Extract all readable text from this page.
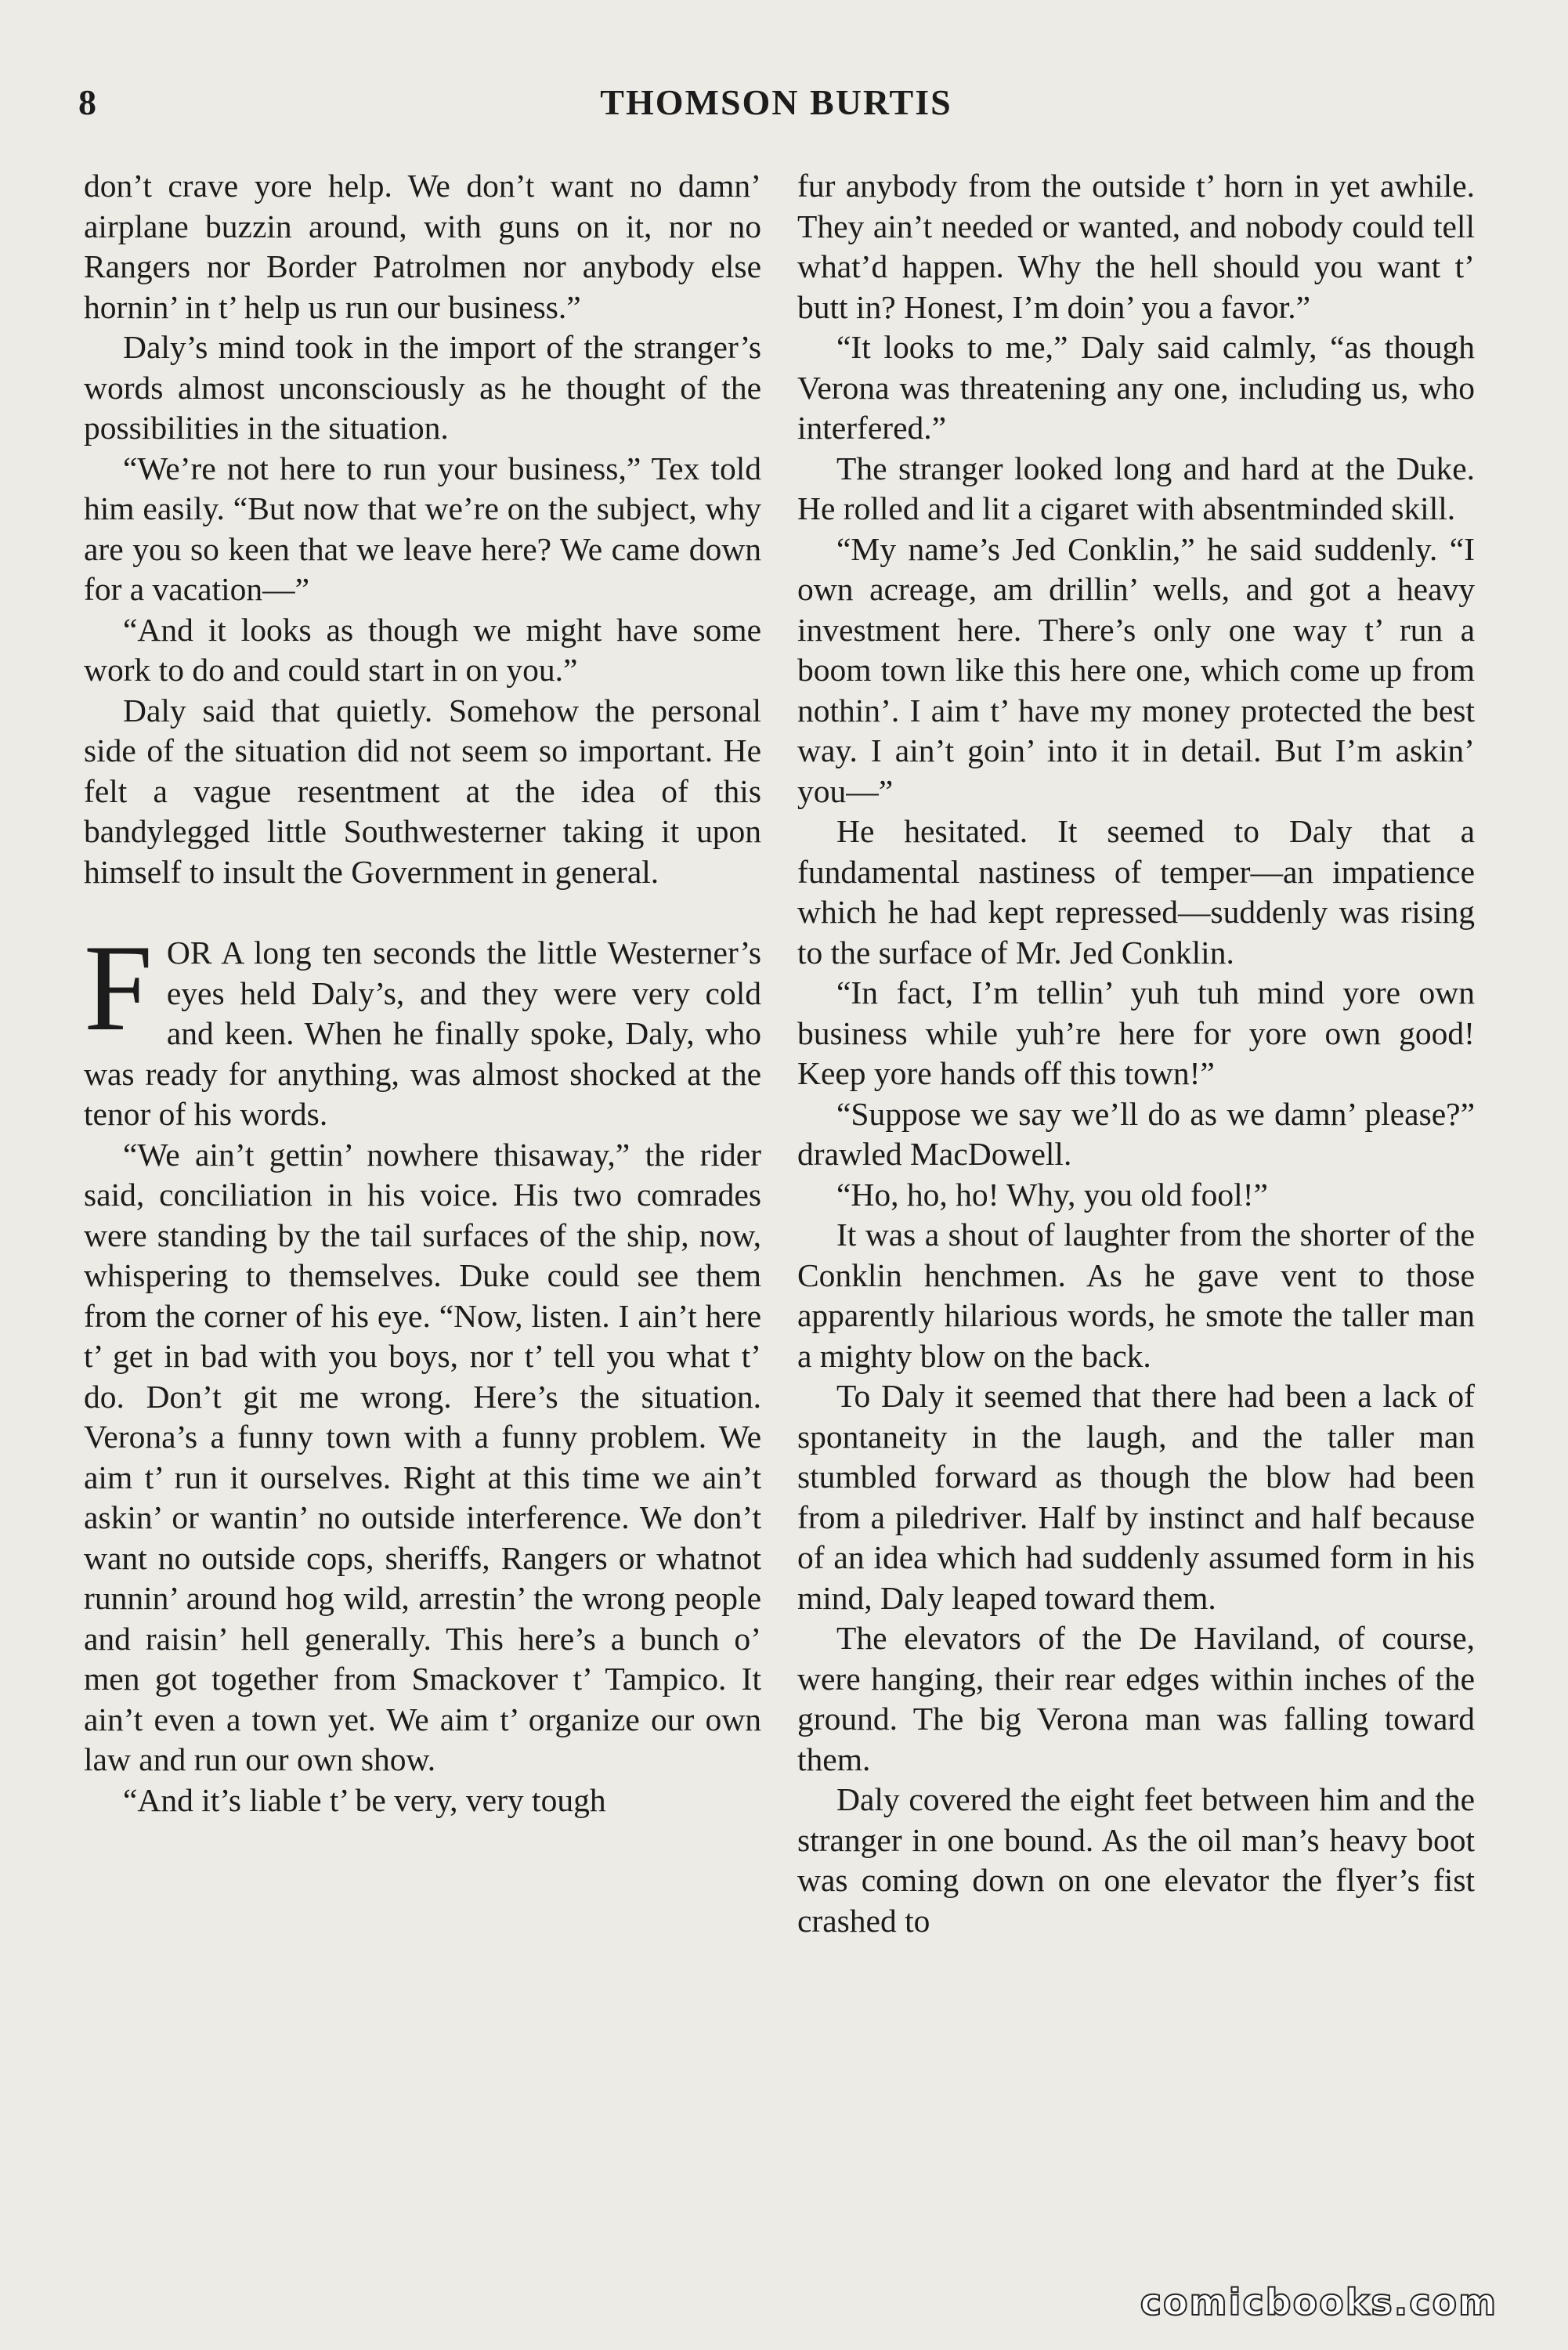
8	THOMSON BURTIS

don’t crave yore help. We don’t want no damn’ airplane buzzin around, with guns on it, nor no Rangers nor Border Patrolmen nor anybody else hornin’ in t’ help us run our business.”

Daly’s mind took in the import of the stranger’s words almost unconsciously as he thought of the possibilities in the situation.

“We’re not here to run your business,” Tex told him easily. “But now that we’re on the subject, why are you so keen that we leave here? We came down for a vacation—”

“And it looks as though we might have some work to do and could start in on you.”

Daly said that quietly. Somehow the personal side of the situation did not seem so important. He felt a vague resentment at the idea of this bandylegged little Southwesterner taking it upon himself to insult the Government in general.

FOR A long ten seconds the little Westerner’s eyes held Daly’s, and they were very cold and keen. When he finally spoke, Daly, who was ready for anything, was almost shocked at the tenor of his words.

“We ain’t gettin’ nowhere thisaway,” the rider said, conciliation in his voice. His two comrades were standing by the tail surfaces of the ship, now, whispering to themselves. Duke could see them from the corner of his eye. “Now, listen. I ain’t here t’ get in bad with you boys, nor t’ tell you what t’ do. Don’t git me wrong. Here’s the situation. Verona’s a funny town with a funny problem. We aim t’ run it ourselves. Right at this time we ain’t askin’ or wantin’ no outside interference. We don’t want no outside cops, sheriffs, Rangers or whatnot runnin’ around hog wild, arrestin’ the wrong people and raisin’ hell generally. This here’s a bunch o’ men got together from Smackover t’ Tampico. It ain’t even a town yet. We aim t’ organize our own law and run our own show.

“And it’s liable t’ be very, very tough

fur anybody from the outside t’ horn in yet awhile. They ain’t needed or wanted, and nobody could tell what’d happen. Why the hell should you want t’ butt in? Honest, I’m doin’ you a favor.”

“It looks to me,” Daly said calmly, “as though Verona was threatening any one, including us, who interfered.”

The stranger looked long and hard at the Duke. He rolled and lit a cigaret with absentminded skill.

“My name’s Jed Conklin,” he said suddenly. “I own acreage, am drillin’ wells, and got a heavy investment here. There’s only one way t’ run a boom town like this here one, which come up from nothin’. I aim t’ have my money protected the best way. I ain’t goin’ into it in detail. But I’m askin’ you—”

He hesitated. It seemed to Daly that a fundamental nastiness of temper—an impatience which he had kept repressed—suddenly was rising to the surface of Mr. Jed Conklin.

“In fact, I’m tellin’ yuh tuh mind yore own business while yuh’re here for yore own good! Keep yore hands off this town!”

“Suppose we say we’ll do as we damn’ please?” drawled MacDowell.

“Ho, ho, ho! Why, you old fool!”

It was a shout of laughter from the shorter of the Conklin henchmen. As he gave vent to those apparently hilarious words, he smote the taller man a mighty blow on the back.

To Daly it seemed that there had been a lack of spontaneity in the laugh, and the taller man stumbled forward as though the blow had been from a piledriver. Half by instinct and half because of an idea which had suddenly assumed form in his mind, Daly leaped toward them.

The elevators of the De Haviland, of course, were hanging, their rear edges within inches of the ground. The big Verona man was falling toward them.

Daly covered the eight feet between him and the stranger in one bound. As the oil man’s heavy boot was coming down on one elevator the flyer’s fist crashed to

comicbooks.com
